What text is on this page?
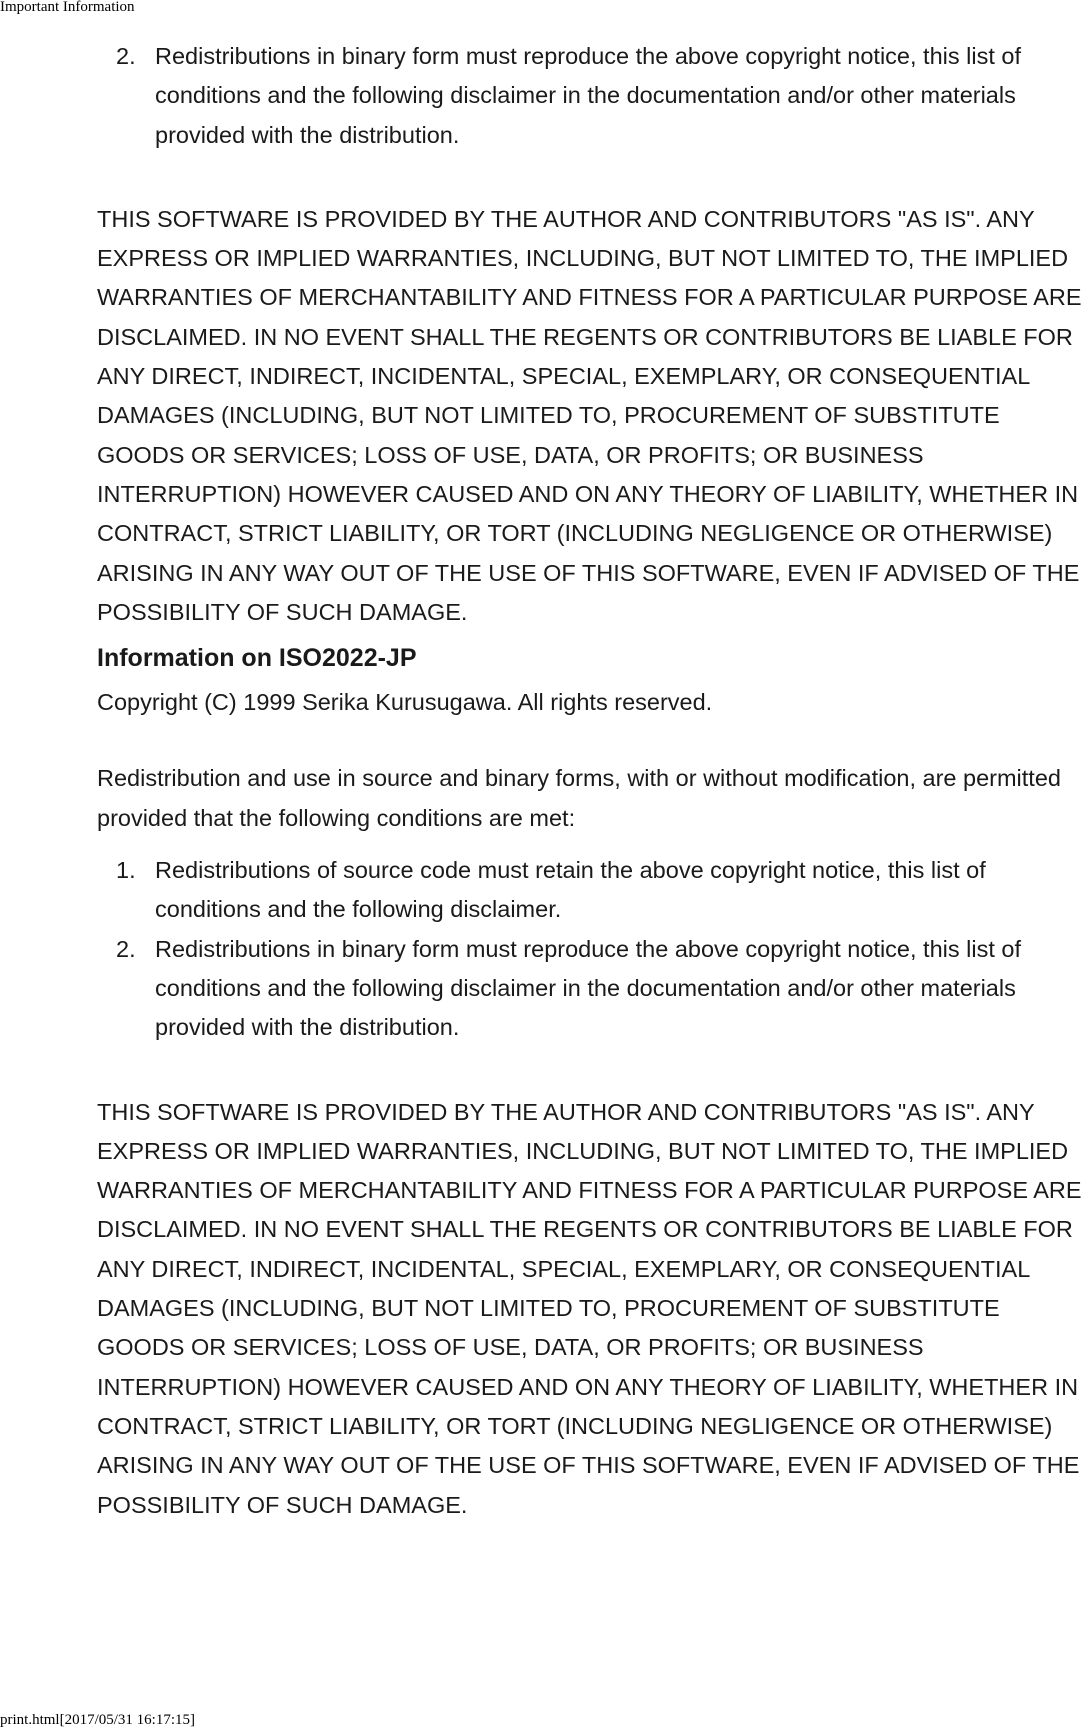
Important Information
2. Redistributions in binary form must reproduce the above copyright notice, this list of conditions and the following disclaimer in the documentation and/or other materials provided with the distribution.

THIS SOFTWARE IS PROVIDED BY THE AUTHOR AND CONTRIBUTORS "AS IS". ANY EXPRESS OR IMPLIED WARRANTIES, INCLUDING, BUT NOT LIMITED TO, THE IMPLIED WARRANTIES OF MERCHANTABILITY AND FITNESS FOR A PARTICULAR PURPOSE ARE DISCLAIMED. IN NO EVENT SHALL THE REGENTS OR CONTRIBUTORS BE LIABLE FOR ANY DIRECT, INDIRECT, INCIDENTAL, SPECIAL, EXEMPLARY, OR CONSEQUENTIAL DAMAGES (INCLUDING, BUT NOT LIMITED TO, PROCUREMENT OF SUBSTITUTE GOODS OR SERVICES; LOSS OF USE, DATA, OR PROFITS; OR BUSINESS INTERRUPTION) HOWEVER CAUSED AND ON ANY THEORY OF LIABILITY, WHETHER IN CONTRACT, STRICT LIABILITY, OR TORT (INCLUDING NEGLIGENCE OR OTHERWISE) ARISING IN ANY WAY OUT OF THE USE OF THIS SOFTWARE, EVEN IF ADVISED OF THE POSSIBILITY OF SUCH DAMAGE.

Information on ISO2022-JP

Copyright (C) 1999 Serika Kurusugawa. All rights reserved.

Redistribution and use in source and binary forms, with or without modification, are permitted provided that the following conditions are met:

1. Redistributions of source code must retain the above copyright notice, this list of conditions and the following disclaimer.
2. Redistributions in binary form must reproduce the above copyright notice, this list of conditions and the following disclaimer in the documentation and/or other materials provided with the distribution.

THIS SOFTWARE IS PROVIDED BY THE AUTHOR AND CONTRIBUTORS "AS IS". ANY EXPRESS OR IMPLIED WARRANTIES, INCLUDING, BUT NOT LIMITED TO, THE IMPLIED WARRANTIES OF MERCHANTABILITY AND FITNESS FOR A PARTICULAR PURPOSE ARE DISCLAIMED. IN NO EVENT SHALL THE REGENTS OR CONTRIBUTORS BE LIABLE FOR ANY DIRECT, INDIRECT, INCIDENTAL, SPECIAL, EXEMPLARY, OR CONSEQUENTIAL DAMAGES (INCLUDING, BUT NOT LIMITED TO, PROCUREMENT OF SUBSTITUTE GOODS OR SERVICES; LOSS OF USE, DATA, OR PROFITS; OR BUSINESS INTERRUPTION) HOWEVER CAUSED AND ON ANY THEORY OF LIABILITY, WHETHER IN CONTRACT, STRICT LIABILITY, OR TORT (INCLUDING NEGLIGENCE OR OTHERWISE) ARISING IN ANY WAY OUT OF THE USE OF THIS SOFTWARE, EVEN IF ADVISED OF THE POSSIBILITY OF SUCH DAMAGE.

print.html[2017/05/31 16:17:15]
